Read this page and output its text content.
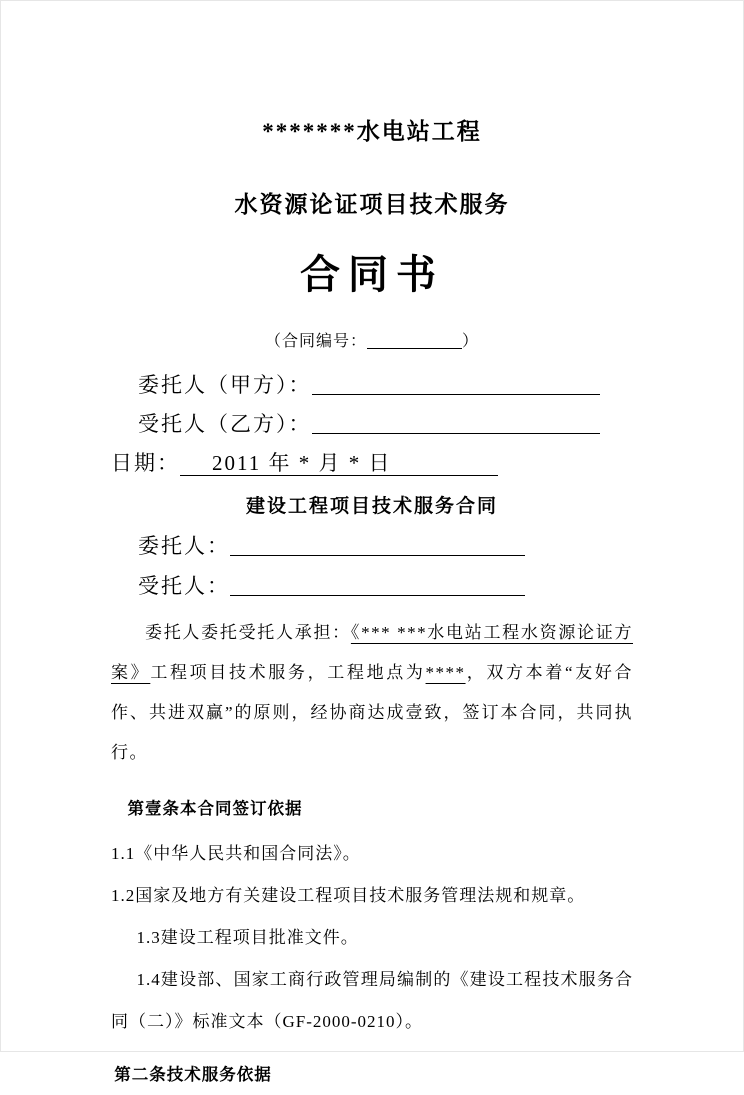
*******水电站工程
水资源论证项目技术服务
合同书
（合同编号：	）
委托人（甲方）：
受托人（乙方）：
日期： 2011 年 * 月 * 日
建设工程项目技术服务合同
委托人：
受托人：

委托人委托受托人承担：《*** ***水电站工程水资源论证方案》工程项目技术服务，工程地点为****，双方本着“友好合作、共进双赢”的原则，经协商达成壹致，签订本合同，共同执行。

第壹条本合同签订依据

1.1《中华人民共和国合同法》。

1.2国家及地方有关建设工程项目技术服务管理法规和规章。

1.3建设工程项目批准文件。

1.4建设部、国家工商行政管理局编制的《建设工程技术服务合同（二）》标准文本（GF-2000-0210）。

第二条技术服务依据
